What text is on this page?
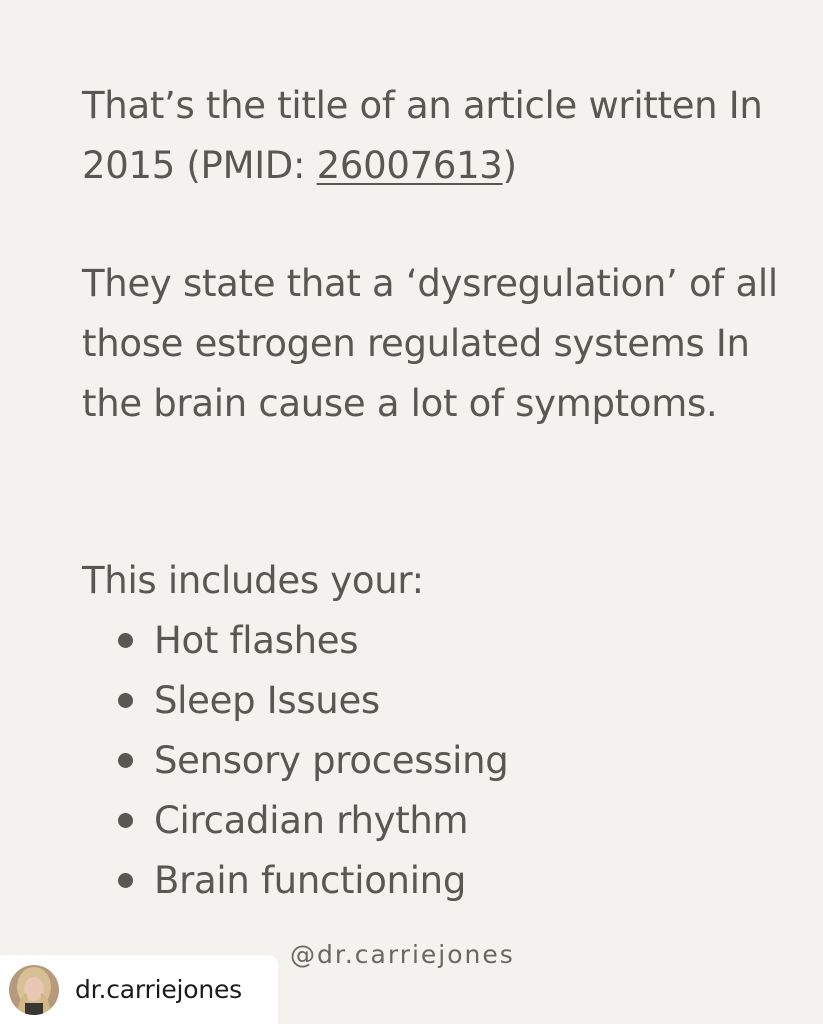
That’s the title of an article written In 2015 (PMID: 26007613)

They state that a ‘dysregulation’ of all those estrogen regulated systems In the brain cause a lot of symptoms.

This includes your:

Hot flashes
Sleep Issues
Sensory processing
Circadian rhythm
Brain functioning
@dr.carriejones
dr.carriejones
